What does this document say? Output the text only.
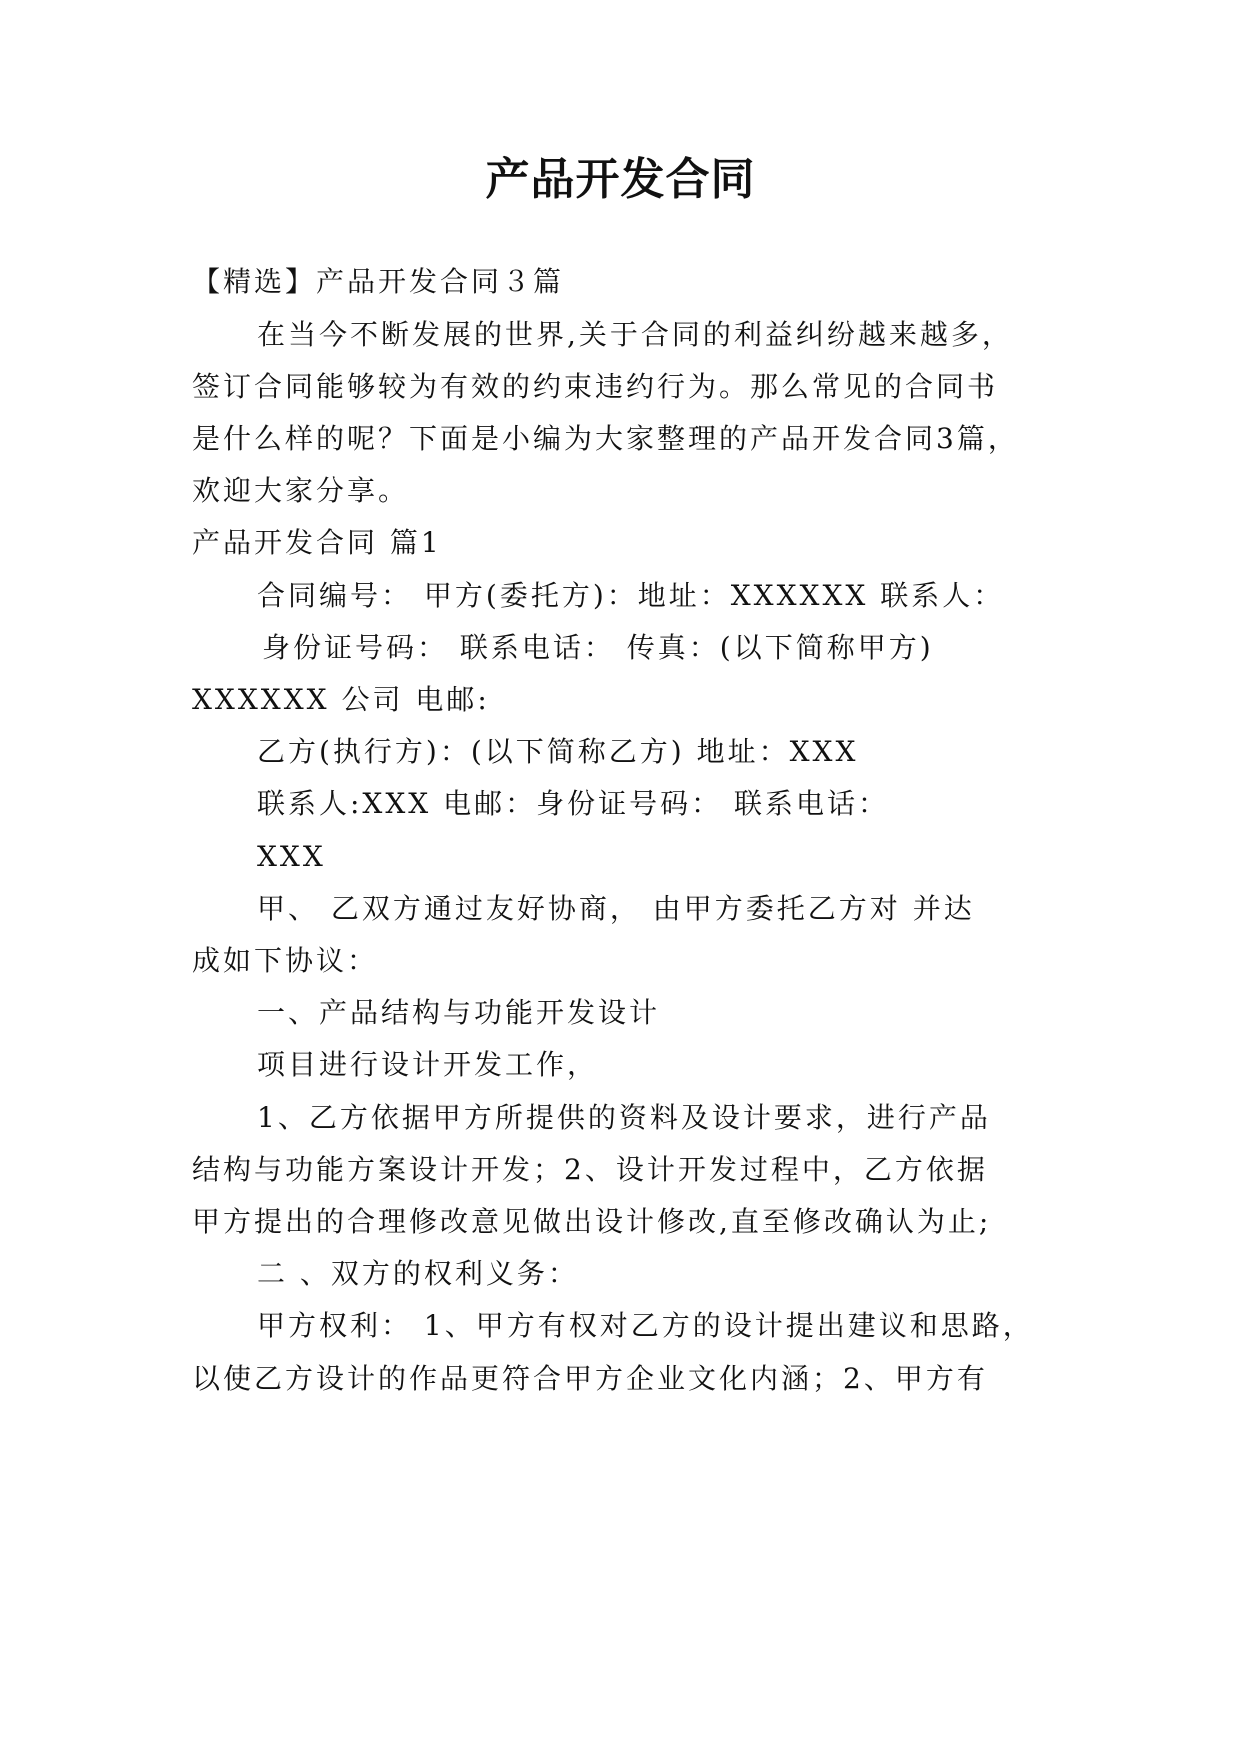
产品开发合同
【精选】产品开发合同３篇
在当今不断发展的世界,关于合同的利益纠纷越来越多，
签订合同能够较为有效的约束违约行为。那么常见的合同书
是什么样的呢？下面是小编为大家整理的产品开发合同3篇，
欢迎大家分享。
产品开发合同 篇1
合同编号： 甲方(委托方)：地址：XXXXXX 联系人：
身份证号码： 联系电话： 传真：(以下简称甲方)
XXXXXX 公司 电邮:
乙方(执行方)：(以下简称乙方) 地址：XXX
联系人:XXX 电邮：身份证号码： 联系电话：
XXX
甲、 乙双方通过友好协商， 由甲方委托乙方对 并达
成如下协议：
一、产品结构与功能开发设计
项目进行设计开发工作，
1、乙方依据甲方所提供的资料及设计要求，进行产品
结构与功能方案设计开发；2、设计开发过程中，乙方依据
甲方提出的合理修改意见做出设计修改,直至修改确认为止;
二 、双方的权利义务：
甲方权利： 1、甲方有权对乙方的设计提出建议和思路，
以使乙方设计的作品更符合甲方企业文化内涵；2、甲方有
